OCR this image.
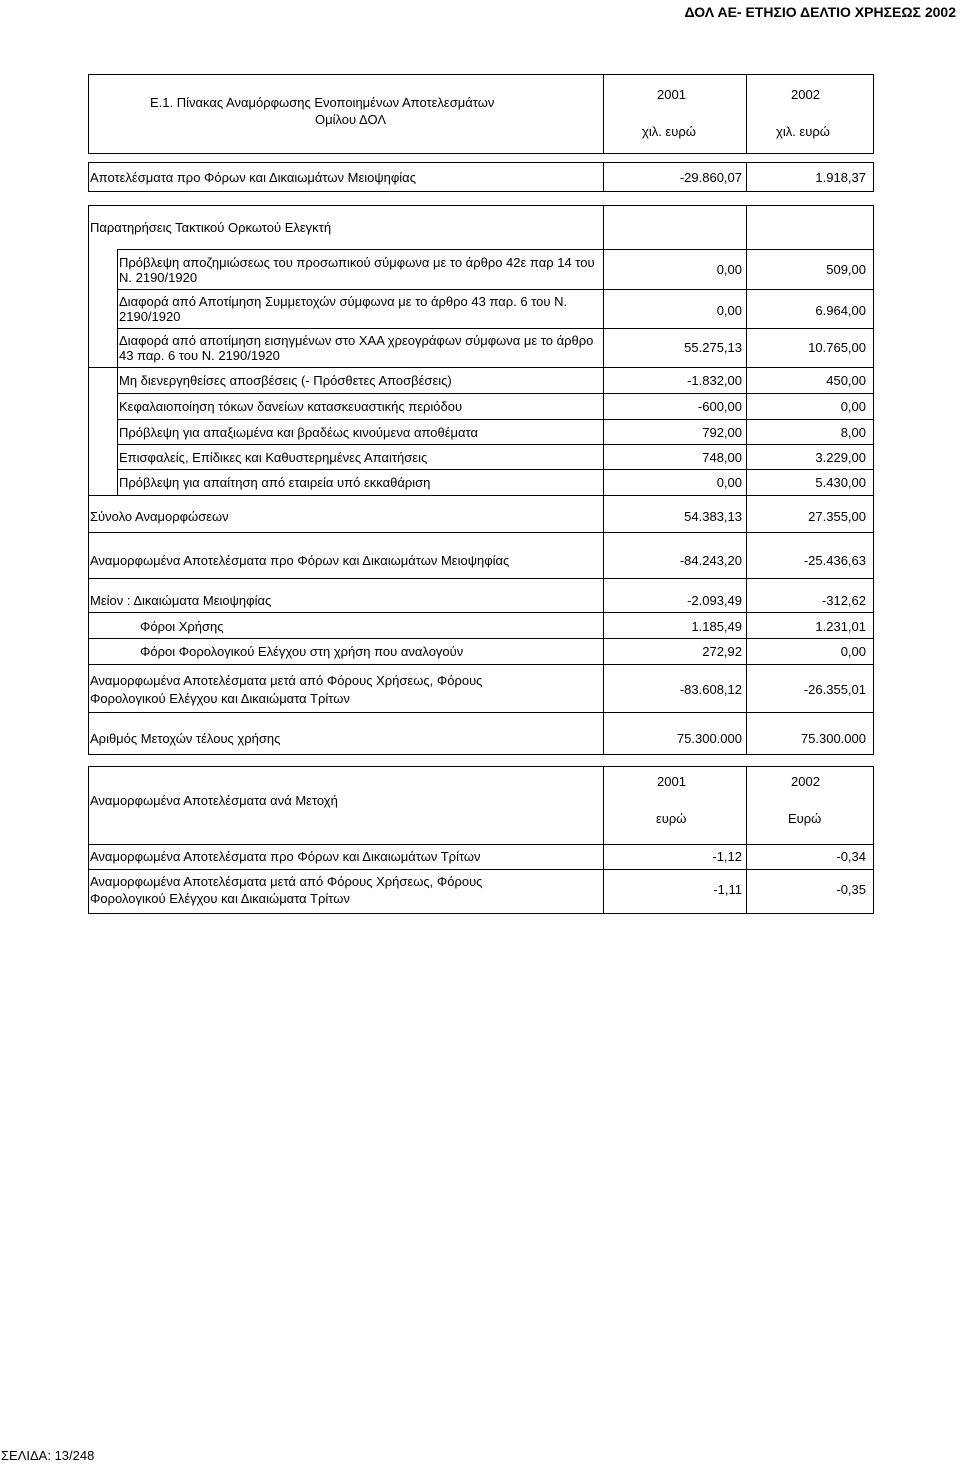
ΔΟΛ ΑΕ- ΕΤΗΣΙΟ ΔΕΛΤΙΟ ΧΡΗΣΕΩΣ 2002
Ε.1. Πίνακας Αναμόρφωσης Ενοποιημένων Αποτελεσμάτων
Ομίλου ΔΟΛ
2001	2002
χιλ. ευρώ	χιλ. ευρώ
Αποτελέσματα προ Φόρων και Δικαιωμάτων Μειοψηφίας	-29.860,07	1.918,37
Παρατηρήσεις Τακτικού Ορκωτού Ελεγκτή
Πρόβλεψη αποζημιώσεως του προσωπικού σύμφωνα με το άρθρο 42ε παρ 14 του Ν. 2190/1920
0,00	509,00
Διαφορά από Αποτίμηση Συμμετοχών σύμφωνα με το άρθρο 43 παρ. 6 του Ν. 2190/1920	0,00	6.964,00
Διαφορά από αποτίμηση εισηγμένων στο ΧΑΑ χρεογράφων σύμφωνα με το άρθρο 43 παρ. 6 του Ν. 2190/1920
55.275,13	10.765,00
Μη διενεργηθείσες αποσβέσεις (- Πρόσθετες Αποσβέσεις)	-1.832,00	450,00
Κεφαλαιοποίηση τόκων δανείων κατασκευαστικής περιόδου	-600,00	0,00
Πρόβλεψη για απαξιωμένα και βραδέως κινούμενα αποθέματα	792,00	8,00
Επισφαλείς, Επίδικες και Καθυστερημένες Απαιτήσεις	748,00	3.229,00
Πρόβλεψη για απαίτηση από εταιρεία υπό εκκαθάριση	0,00	5.430,00
Σύνολο Αναμορφώσεων	54.383,13	27.355,00
Αναμορφωμένα Αποτελέσματα προ Φόρων και Δικαιωμάτων Μειοψηφίας	-84.243,20	-25.436,63
Μείον : Δικαιώματα Μειοψηφίας	-2.093,49	-312,62
Φόροι Χρήσης	1.185,49	1.231,01
Φόροι Φορολογικού Ελέγχου στη χρήση που αναλογούν	272,92	0,00
Αναμορφωμένα Αποτελέσματα μετά από Φόρους Χρήσεως, Φόρους
Φορολογικού Ελέγχου και Δικαιώματα Τρίτων
-83.608,12	-26.355,01
Αριθμός Μετοχών τέλους χρήσης	75.300.000	75.300.000
Αναμορφωμένα Αποτελέσματα ανά Μετοχή
2001	2002
ευρώ	Ευρώ
Αναμορφωμένα Αποτελέσματα προ Φόρων και Δικαιωμάτων Τρίτων	-1,12	-0,34
Αναμορφωμένα Αποτελέσματα μετά από Φόρους Χρήσεως, Φόρους
Φορολογικού Ελέγχου και Δικαιώματα Τρίτων
-1,11	-0,35
ΣΕΛΙΔΑ: 13/248
